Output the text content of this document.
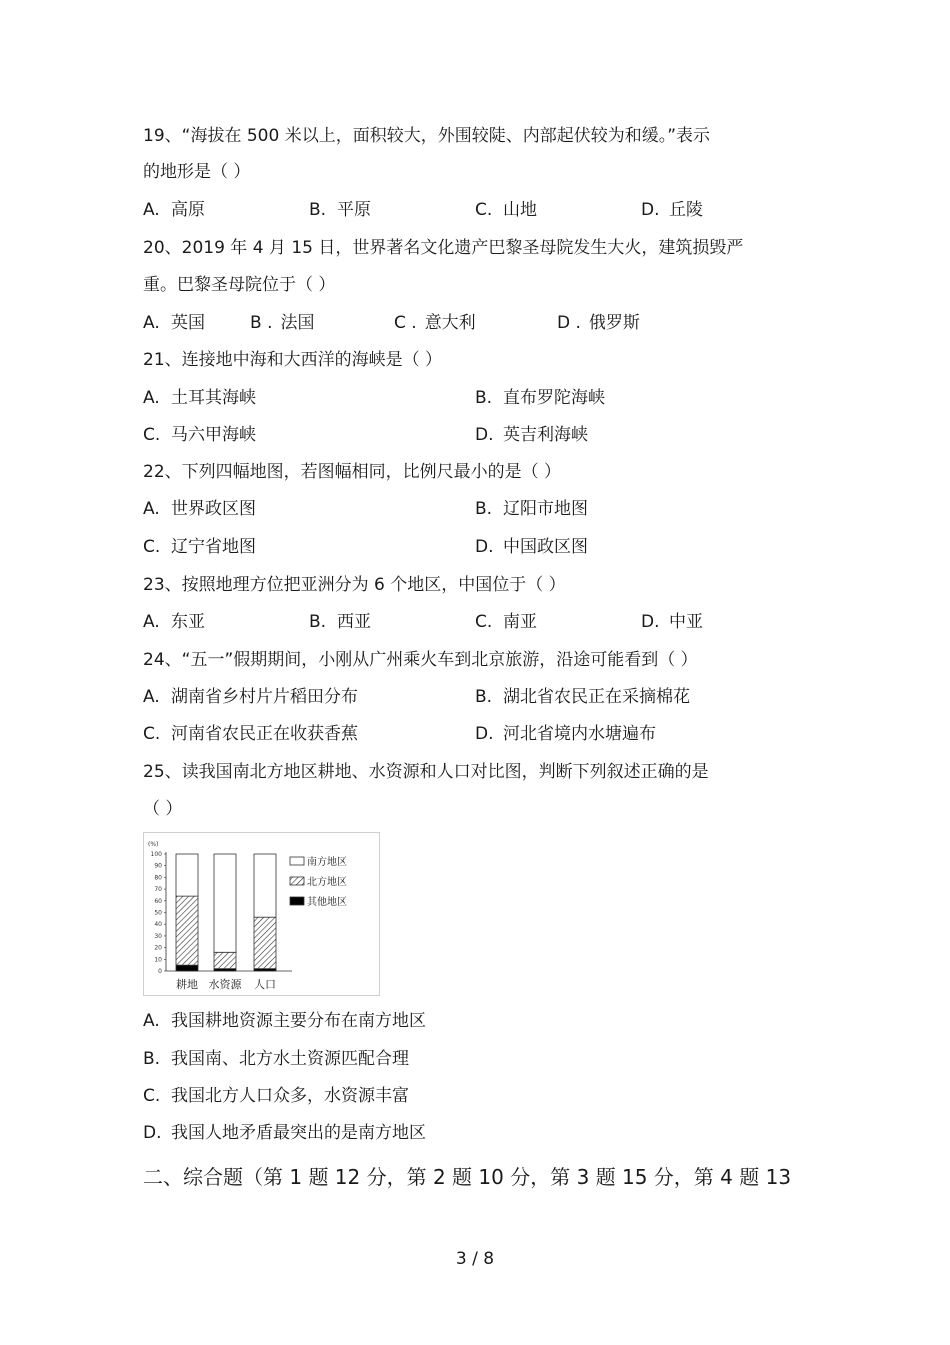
19、“海拔在 500 米以上，面积较大，外围较陡、内部起伏较为和缓。”表示
的地形是（ ）
A. 高原	B. 平原	C. 山地	D. 丘陵
20、2019 年 4 月 15 日，世界著名文化遗产巴黎圣母院发生大火，建筑损毁严
重。巴黎圣母院位于（ ）
A. 英国	B . 法国	C . 意大利	D . 俄罗斯
21、连接地中海和大西洋的海峡是（ ）
A. 土耳其海峡	B. 直布罗陀海峡
C. 马六甲海峡	D. 英吉利海峡
22、下列四幅地图，若图幅相同，比例尺最小的是（ ）
A. 世界政区图	B. 辽阳市地图
C. 辽宁省地图	D. 中国政区图
23、按照地理方位把亚洲分为 6 个地区，中国位于（ ）
A. 东亚	B. 西亚	C. 南亚	D. 中亚
24、“五一”假期期间，小刚从广州乘火车到北京旅游，沿途可能看到（ ）
A. 湖南省乡村片片稻田分布	B. 湖北省农民正在采摘棉花
C. 河南省农民正在收获香蕉	D. 河北省境内水塘遍布
25、读我国南北方地区耕地、水资源和人口对比图，判断下列叙述正确的是
（ ）
(%)
0
10
20
30
40
50
60
70
80
90
100
耕地 水资源 人口
南方地区
北方地区
其他地区
A. 我国耕地资源主要分布在南方地区
B. 我国南、北方水土资源匹配合理
C. 我国北方人口众多，水资源丰富
D. 我国人地矛盾最突出的是南方地区
二、综合题（第 1 题 12 分，第 2 题 10 分，第 3 题 15 分，第 4 题 13
3 / 8
